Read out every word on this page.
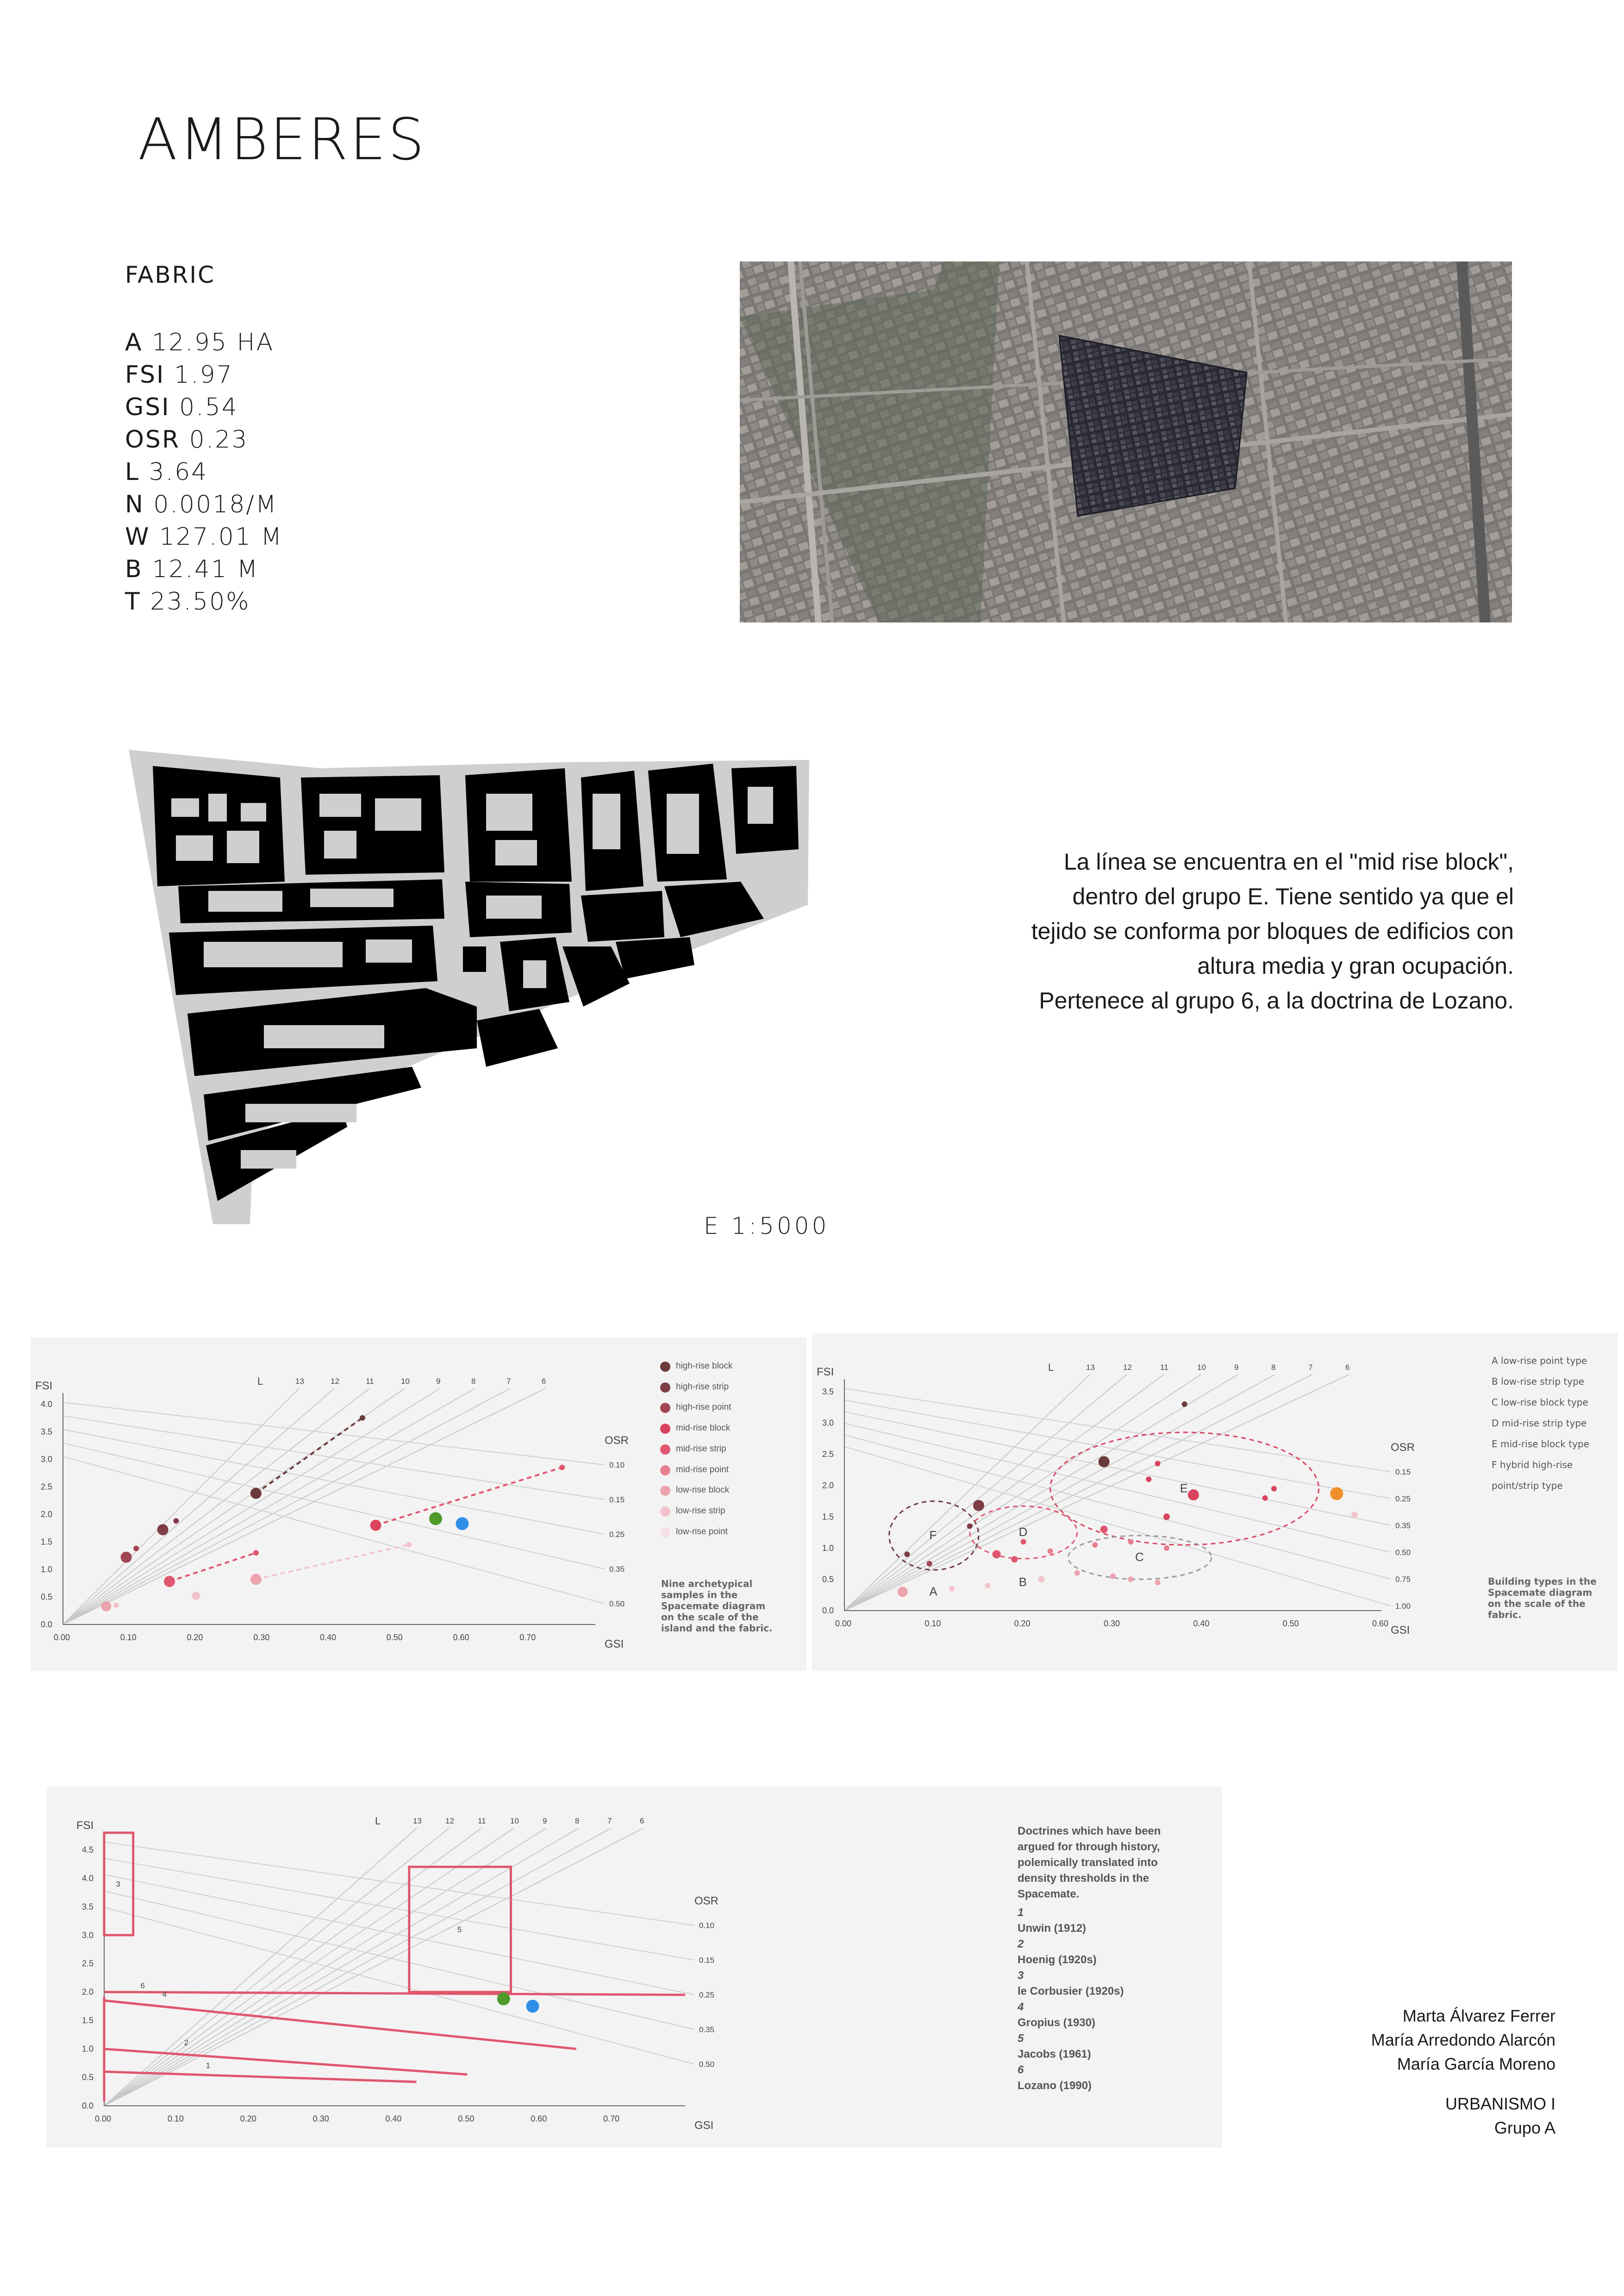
AMBERES
FABRIC
A 12.95 HA
FSI 1.97
GSI 0.54
OSR 0.23
L 3.64
N 0.0018/M
W 127.01 M
B 12.41 M
T 23.50%
E 1:5000
La línea se encuentra en el "mid rise block",
dentro del grupo E. Tiene sentido ya que el
tejido se conforma por bloques de edificios con
altura media y gran ocupación.
Pertenece al grupo 6, a la doctrina de Lozano.
13	12	11	10	9	8	7	6
L
0.10
0.15
0.25
0.35
0.50
OSR
0.00	0.10	0.20	0.30	0.40	0.50	0.60	0.70
0.0
0.5
1.0
1.5
2.0
2.5
3.0
3.5
4.0
FSI
GSI
high-rise block
high-rise strip
high-rise point
mid-rise block
mid-rise strip
mid-rise point
low-rise block
low-rise strip
low-rise point
Nine archetypical samples in the Spacemate diagram on the scale of the island and the fabric.
13	12	11	10	9	8	7	6
L
0.15
0.25
0.35
0.50
0.75
1.00
OSR
0.00	0.10	0.20	0.30	0.40	0.50	0.60
0.0
0.5
1.0
1.5
2.0
2.5
3.0
3.5
FSI
GSI
F	D
E
C
A
B
A low-rise point type
B low-rise strip type
C low-rise block type
D mid-rise strip type
E mid-rise block type
F hybrid high-rise point/strip type
Building types in the Spacemate diagram on the scale of the fabric.
13	12	11	10	9	8	7	6
L
0.10
0.15
0.25
0.35
0.50
OSR
0.00	0.10	0.20	0.30	0.40	0.50	0.60	0.70
0.0
0.5
1.0
1.5
2.0
2.5
3.0
3.5
4.0
4.5
FSI
GSI
6
4
2
1
3
5
Doctrines which have been argued for through history, polemically translated into density thresholds in the Spacemate.
1
Unwin (1912)
2
Hoenig (1920s)
3
le Corbusier (1920s)
4
Gropius (1930)
5
Jacobs (1961)
6
Lozano (1990)
Marta Álvarez Ferrer
María Arredondo Alarcón
María García Moreno
URBANISMO I
Grupo A
